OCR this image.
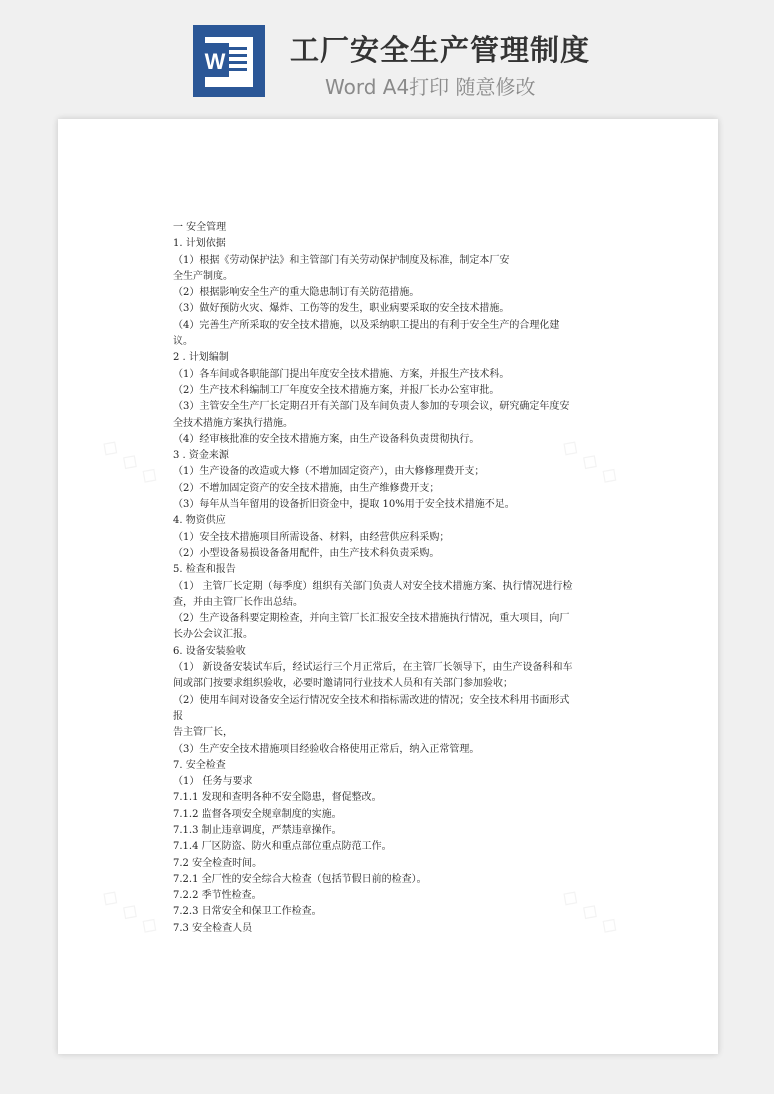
W 工厂安全生产管理制度
Word A4打印 随意修改
◇ ◇ ◇	◇ ◇ ◇
◇ ◇ ◇	◇ ◇ ◇
一 安全管理
1. 计划依据
（1）根据《劳动保护法》和主管部门有关劳动保护制度及标准，制定本厂安
全生产制度。
（2）根据影响安全生产的重大隐患制订有关防范措施。
（3）做好预防火灾、爆炸、工伤等的发生，职业病要采取的安全技术措施。
（4）完善生产所采取的安全技术措施，以及采纳职工提出的有利于安全生产的合理化建
议。
2 . 计划编制
（1）各车间或各职能部门提出年度安全技术措施、方案，并报生产技术科。
（2）生产技术科编制工厂年度安全技术措施方案，并报厂长办公室审批。
（3）主管安全生产厂长定期召开有关部门及车间负责人参加的专项会议，研究确定年度安
全技术措施方案执行措施。
（4）经审核批准的安全技术措施方案，由生产设备科负责贯彻执行。
3 . 资金来源
（1）生产设备的改造或大修（不增加固定资产），由大修修理费开支；
（2）不增加固定资产的安全技术措施，由生产维修费开支；
（3）每年从当年留用的设备折旧资金中，提取 10%用于安全技术措施不足。
4. 物资供应
（1）安全技术措施项目所需设备、材料，由经营供应科采购；
（2）小型设备易损设备备用配件，由生产技术科负责采购。
5. 检查和报告
（1） 主管厂长定期（每季度）组织有关部门负责人对安全技术措施方案、执行情况进行检
查，并由主管厂长作出总结。
（2）生产设备科要定期检查，并向主管厂长汇报安全技术措施执行情况，重大项目，向厂
长办公会议汇报。
6. 设备安装验收
（1） 新设备安装试车后，经试运行三个月正常后，在主管厂长领导下，由生产设备科和车
间或部门按要求组织验收，必要时邀请同行业技术人员和有关部门参加验收；
（2）使用车间对设备安全运行情况安全技术和指标需改进的情况；安全技术科用书面形式
报
告主管厂长，
（3）生产安全技术措施项目经验收合格使用正常后，纳入正常管理。
7. 安全检查
（1） 任务与要求
7.1.1 发现和查明各种不安全隐患，督促整改。
7.1.2 监督各项安全规章制度的实施。
7.1.3 制止违章调度，严禁违章操作。
7.1.4 厂区防盗、防火和重点部位重点防范工作。
7.2 安全检查时间。
7.2.1 全厂性的安全综合大检查（包括节假日前的检查）。
7.2.2 季节性检查。
7.2.3 日常安全和保卫工作检查。
7.3 安全检查人员
